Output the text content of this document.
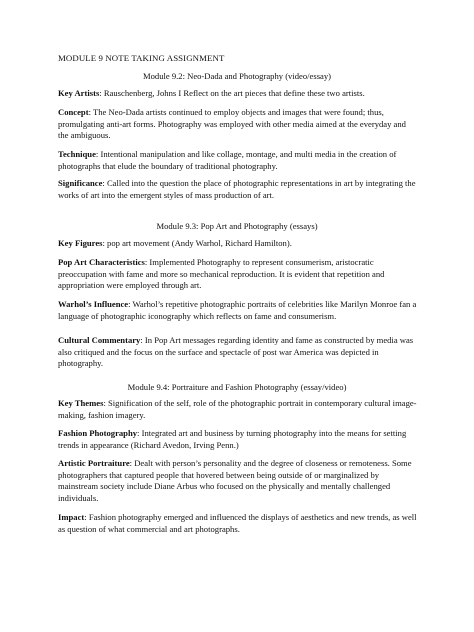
MODULE 9 NOTE TAKING ASSIGNMENT
Module 9.2: Neo-Dada and Photography (video/essay)

Key Artists: Rauschenberg, Johns I Reflect on the art pieces that define these two artists.

Concept: The Neo-Dada artists continued to employ objects and images that were found; thus, promulgating anti-art forms. Photography was employed with other media aimed at the everyday and the ambiguous.

Technique: Intentional manipulation and like collage, montage, and multi media in the creation of photographs that elude the boundary of traditional photography.

Significance: Called into the question the place of photographic representations in art by integrating the works of art into the emergent styles of mass production of art.

Module 9.3: Pop Art and Photography (essays)

Key Figures: pop art movement (Andy Warhol, Richard Hamilton).

Pop Art Characteristics: Implemented Photography to represent consumerism, aristocratic preoccupation with fame and more so mechanical reproduction. It is evident that repetition and appropriation were employed through art.

Warhol’s Influence: Warhol’s repetitive photographic portraits of celebrities like Marilyn Monroe fan a language of photographic iconography which reflects on fame and consumerism.

Cultural Commentary: In Pop Art messages regarding identity and fame as constructed by media was also critiqued and the focus on the surface and spectacle of post war America was depicted in photography.

Module 9.4: Portraiture and Fashion Photography (essay/video)

Key Themes: Signification of the self, role of the photographic portrait in contemporary cultural image-making, fashion imagery.

Fashion Photography: Integrated art and business by turning photography into the means for setting trends in appearance (Richard Avedon, Irving Penn.)

Artistic Portraiture: Dealt with person’s personality and the degree of closeness or remoteness. Some photographers that captured people that hovered between being outside of or marginalized by mainstream society include Diane Arbus who focused on the physically and mentally challenged individuals.

Impact: Fashion photography emerged and influenced the displays of aesthetics and new trends, as well as question of what commercial and art photographs.
